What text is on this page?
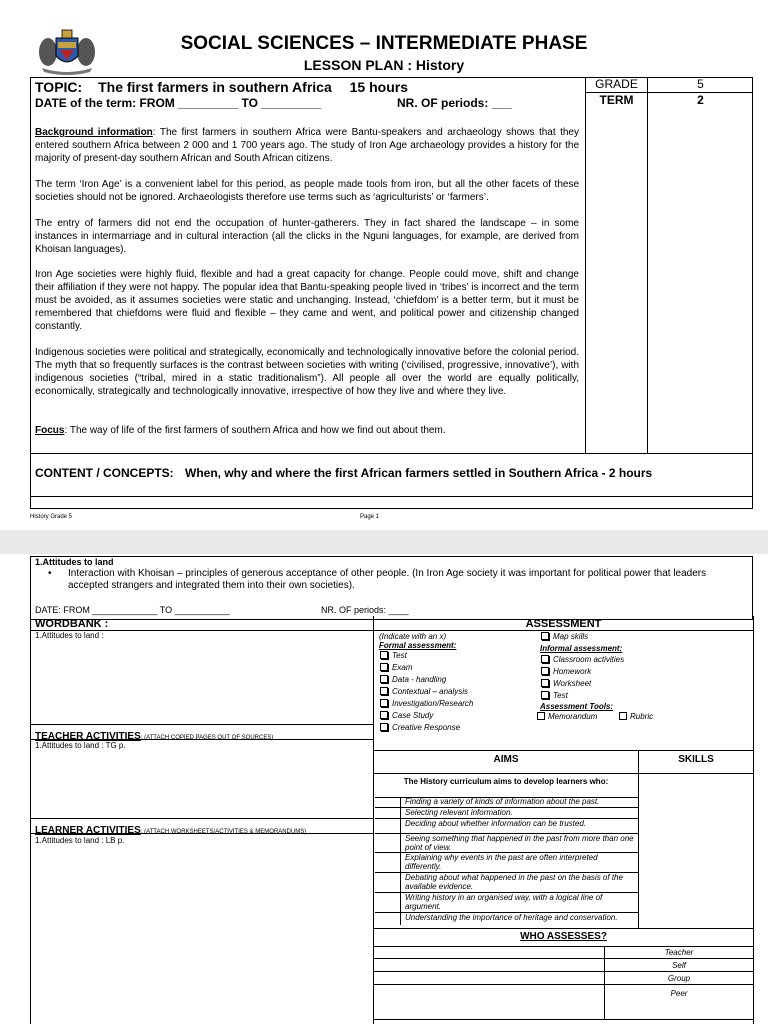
SOCIAL SCIENCES – INTERMEDIATE PHASE
LESSON PLAN : History
TOPIC: The first farmers in southern Africa 15 hours
DATE of the term: FROM _________ TO _________	NR. OF periods: ___
GRADE	5
TERM	2
Background information: The first farmers in southern Africa were Bantu-speakers and archaeology shows that they entered southern Africa between 2 000 and 1 700 years ago. The study of Iron Age archaeology provides a history for the majority of present-day southern African and South African citizens.
The term ‘Iron Age’ is a convenient label for this period, as people made tools from iron, but all the other facets of these societies should not be ignored. Archaeologists therefore use terms such as ‘agriculturists’ or ‘farmers’.
The entry of farmers did not end the occupation of hunter-gatherers. They in fact shared the landscape – in some instances in intermarriage and in cultural interaction (all the clicks in the Nguni languages, for example, are derived from Khoisan languages).
Iron Age societies were highly fluid, flexible and had a great capacity for change. People could move, shift and change their affiliation if they were not happy. The popular idea that Bantu-speaking people lived in ‘tribes’ is incorrect and the term must be avoided, as it assumes societies were static and unchanging. Instead, ‘chiefdom’ is a better term, but it must be remembered that chiefdoms were fluid and flexible – they came and went, and political power and citizenship changed constantly.
Indigenous societies were political and strategically, economically and technologically innovative before the colonial period. The myth that so frequently surfaces is the contrast between societies with writing (‘civilised, progressive, innovative’), with indigenous societies (“tribal, mired in a static traditionalism”). All people all over the world are equally politically, economically, strategically and technologically innovative, irrespective of how they live and where they live.
Focus: The way of life of the first farmers of southern Africa and how we find out about them.
CONTENT / CONCEPTS: When, why and where the first African farmers settled in Southern Africa - 2 hours
History Grade 5	Page 1
1.Attitudes to land
• Interaction with Khoisan – principles of generous acceptance of other people. (In Iron Age society it was important for political power that leaders accepted strangers and integrated them into their own societies).
DATE: FROM _____________ TO ___________	NR. OF periods: ____
WORDBANK :
1.Attitudes to land :
ASSESSMENT
(Indicate with an x)
Formal assessment:
Test
Exam
Data - handling
Contextual – analysis
Investigation/Research
Case Study
Creative Response
Map skills
Informal assessment:
Classroom activities
Homework
Worksheet
Test
Assessment Tools:
Memorandum	Rubric
TEACHER ACTIVITIES: (ATTACH COPIED PAGES OUT OF SOURCES)
1.Attitudes to land : TG p.
AIMS	SKILLS
The History curriculum aims to develop learners who:
Finding a variety of kinds of information about the past.
Selecting relevant information.
Deciding about whether information can be trusted.
Seeing something that happened in the past from more than one point of view.
Explaining why events in the past are often interpreted differently.
Debating about what happened in the past on the basis of the available evidence.
Writing history in an organised way, with a logical line of argument.
Understanding the importance of heritage and conservation.
LEARNER ACTIVITIES: (ATTACH WORKSHEETS/ACTIVITIES & MEMORANDUMS)
1.Attitudes to land : LB p.
WHO ASSESSES?
Teacher
Self
Group
Peer
